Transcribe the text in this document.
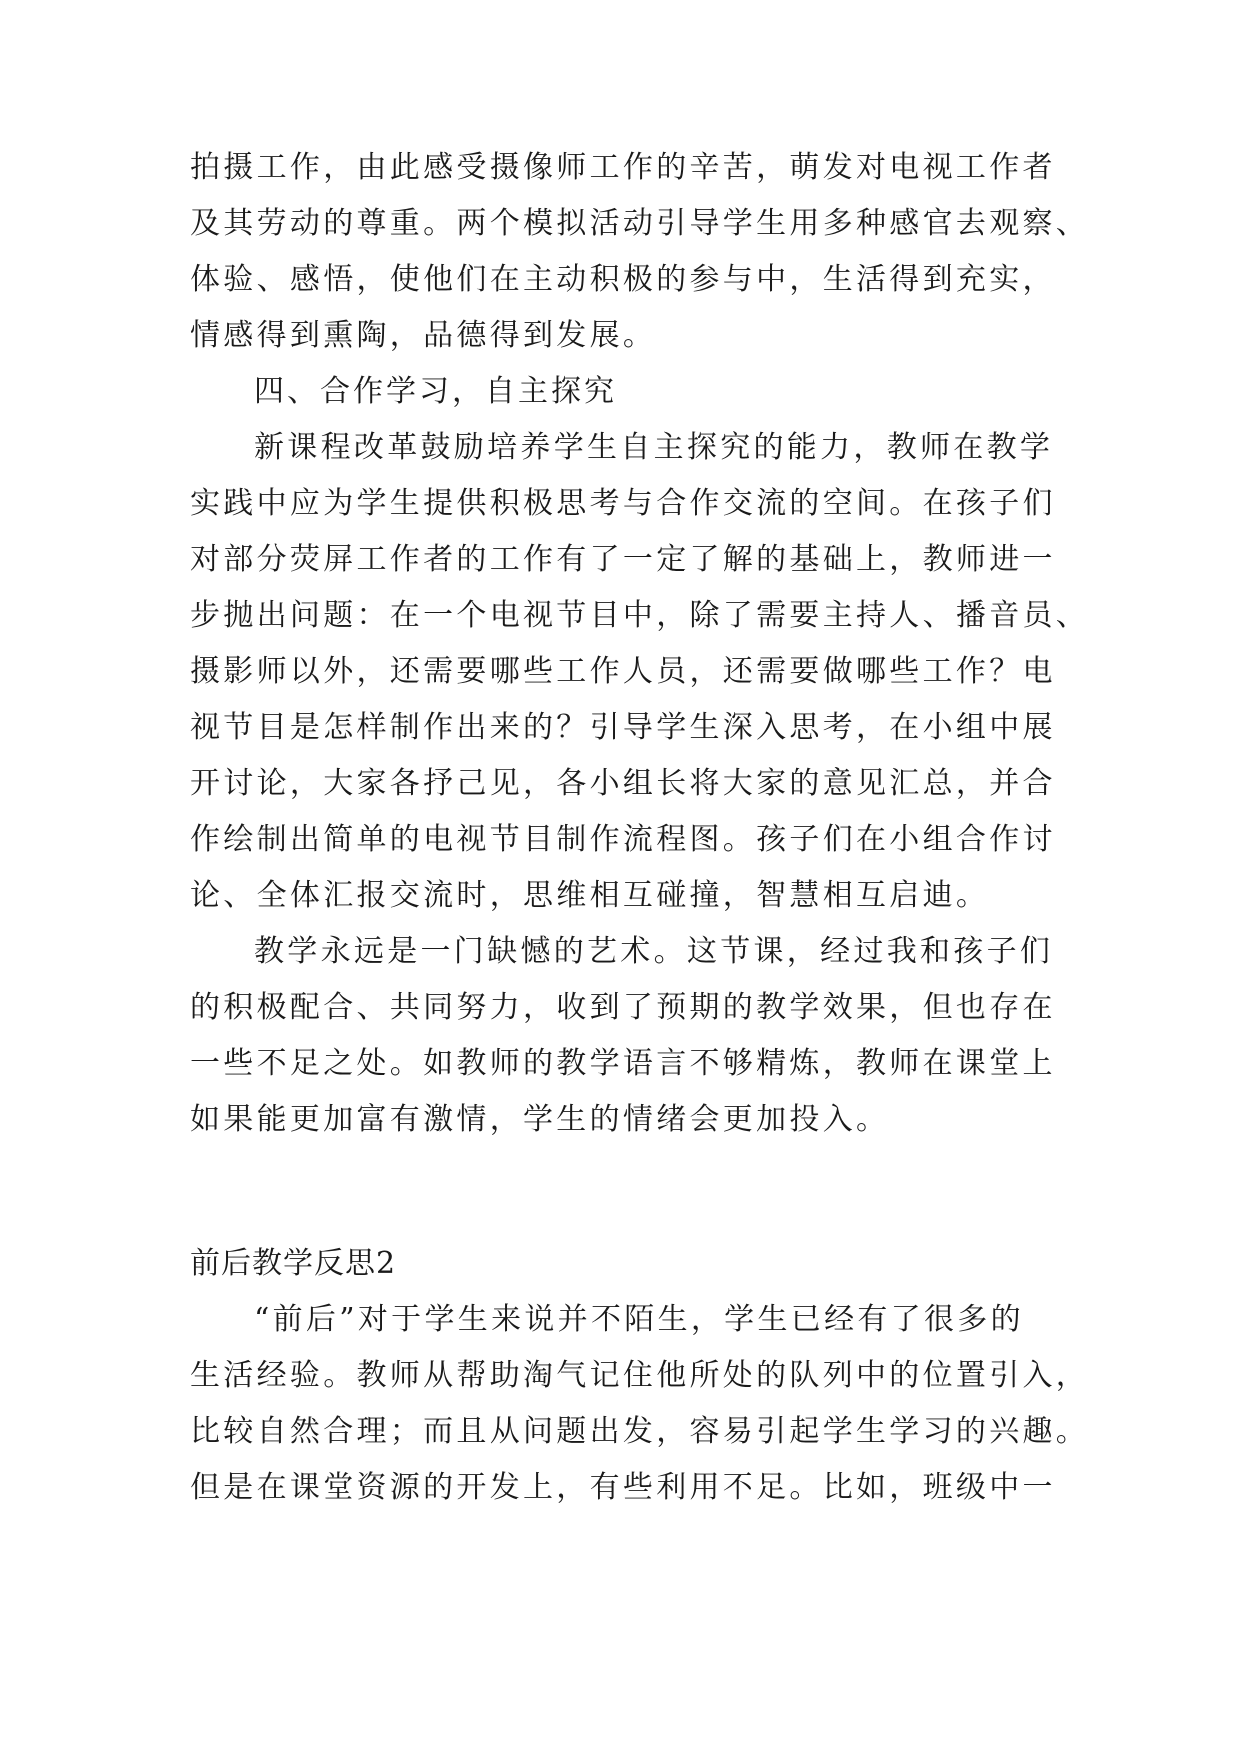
拍摄工作，由此感受摄像师工作的辛苦，萌发对电视工作者
及其劳动的尊重。两个模拟活动引导学生用多种感官去观察、
体验、感悟，使他们在主动积极的参与中，生活得到充实，
情感得到熏陶，品德得到发展。
四、合作学习，自主探究
新课程改革鼓励培养学生自主探究的能力，教师在教学
实践中应为学生提供积极思考与合作交流的空间。在孩子们
对部分荧屏工作者的工作有了一定了解的基础上，教师进一
步抛出问题：在一个电视节目中，除了需要主持人、播音员、
摄影师以外，还需要哪些工作人员，还需要做哪些工作？电
视节目是怎样制作出来的？引导学生深入思考，在小组中展
开讨论，大家各抒己见，各小组长将大家的意见汇总，并合
作绘制出简单的电视节目制作流程图。孩子们在小组合作讨
论、全体汇报交流时，思维相互碰撞，智慧相互启迪。
教学永远是一门缺憾的艺术。这节课，经过我和孩子们
的积极配合、共同努力，收到了预期的教学效果，但也存在
一些不足之处。如教师的教学语言不够精炼，教师在课堂上
如果能更加富有激情，学生的情绪会更加投入。
前后教学反思2
“前后”对于学生来说并不陌生，学生已经有了很多的
生活经验。教师从帮助淘气记住他所处的队列中的位置引入，
比较自然合理；而且从问题出发，容易引起学生学习的兴趣。
但是在课堂资源的开发上，有些利用不足。比如，班级中一
